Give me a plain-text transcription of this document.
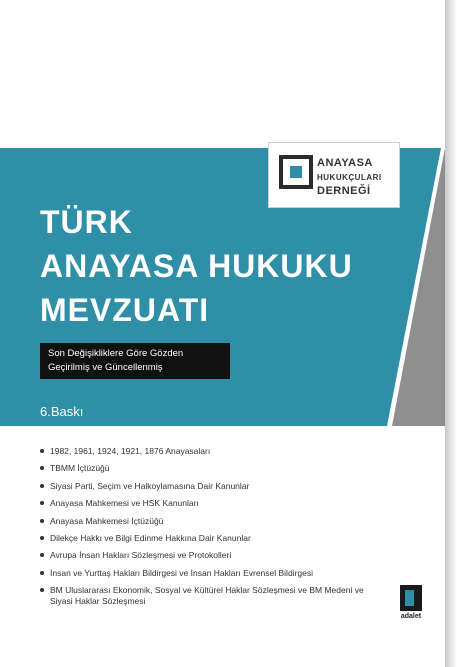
ANAYASA
HUKUKÇULARI
DERNEĞİ
TÜRK
ANAYASA HUKUKU
MEVZUATI
Son Değişikliklere Göre Gözden
Geçirilmiş ve Güncellenmiş
6.Baskı
1982, 1961, 1924, 1921, 1876 Anayasaları
TBMM İçtüzüğü
Siyasi Parti, Seçim ve Halkoylamasına Dair Kanunlar
Anayasa Mahkemesi ve HSK Kanunları
Anayasa Mahkemesi İçtüzüğü
Dilekçe Hakkı ve Bilgi Edinme Hakkına Dair Kanunlar
Avrupa İnsan Hakları Sözleşmesi ve Protokolleri
İnsan ve Yurttaş Hakları Bildirgesi ve İnsan Hakları Evrensel Bildirgesi
BM Uluslararası Ekonomik, Sosyal ve Kültürel Haklar Sözleşmesi ve BM Medeni ve Siyasi Haklar Sözleşmesi
adalet
